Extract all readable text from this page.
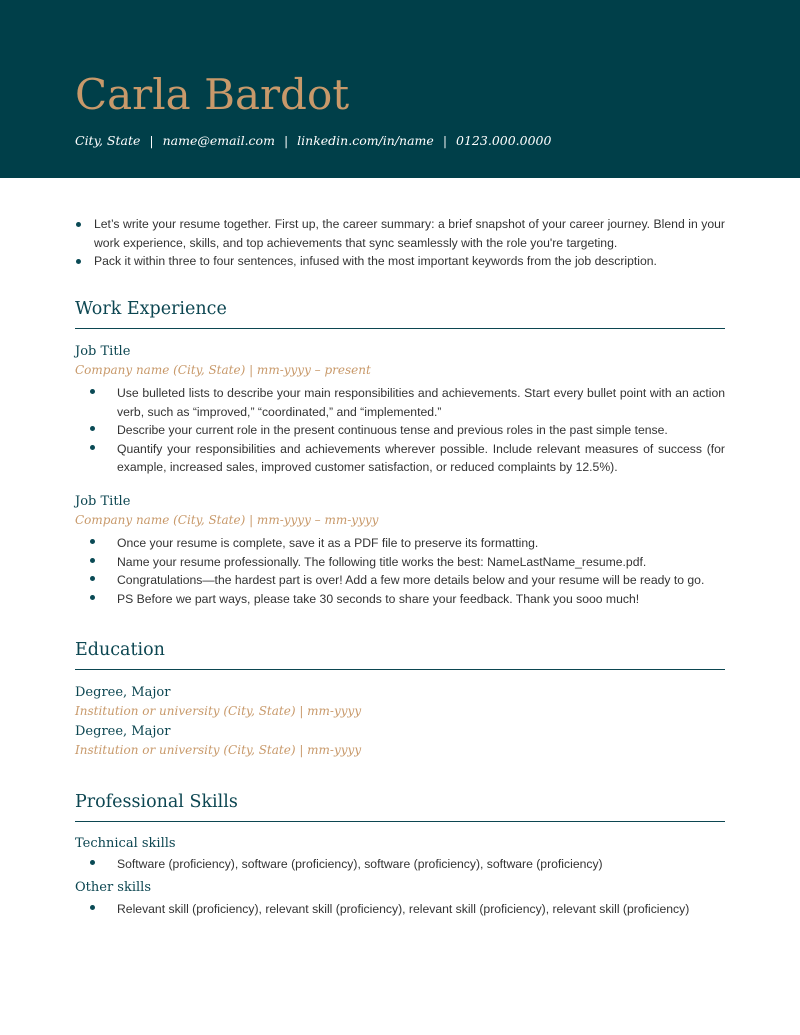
Carla Bardot
City, State | name@email.com | linkedin.com/in/name | 0123.000.0000
Let’s write your resume together. First up, the career summary: a brief snapshot of your career journey. Blend in your work experience, skills, and top achievements that sync seamlessly with the role you're targeting.
Pack it within three to four sentences, infused with the most important keywords from the job description.
Work Experience
Job Title
Company name (City, State) | mm-yyyy – present
Use bulleted lists to describe your main responsibilities and achievements. Start every bullet point with an action verb, such as “improved,” “coordinated,” and “implemented.”
Describe your current role in the present continuous tense and previous roles in the past simple tense.
Quantify your responsibilities and achievements wherever possible. Include relevant measures of success (for example, increased sales, improved customer satisfaction, or reduced complaints by 12.5%).
Job Title
Company name (City, State) | mm-yyyy – mm-yyyy
Once your resume is complete, save it as a PDF file to preserve its formatting.
Name your resume professionally. The following title works the best: NameLastName_resume.pdf.
Congratulations—the hardest part is over! Add a few more details below and your resume will be ready to go.
PS Before we part ways, please take 30 seconds to share your feedback. Thank you sooo much!
Education
Degree, Major
Institution or university (City, State) | mm-yyyy
Degree, Major
Institution or university (City, State) | mm-yyyy
Professional Skills
Technical skills
Software (proficiency), software (proficiency), software (proficiency), software (proficiency)
Other skills
Relevant skill (proficiency), relevant skill (proficiency), relevant skill (proficiency), relevant skill (proficiency)
